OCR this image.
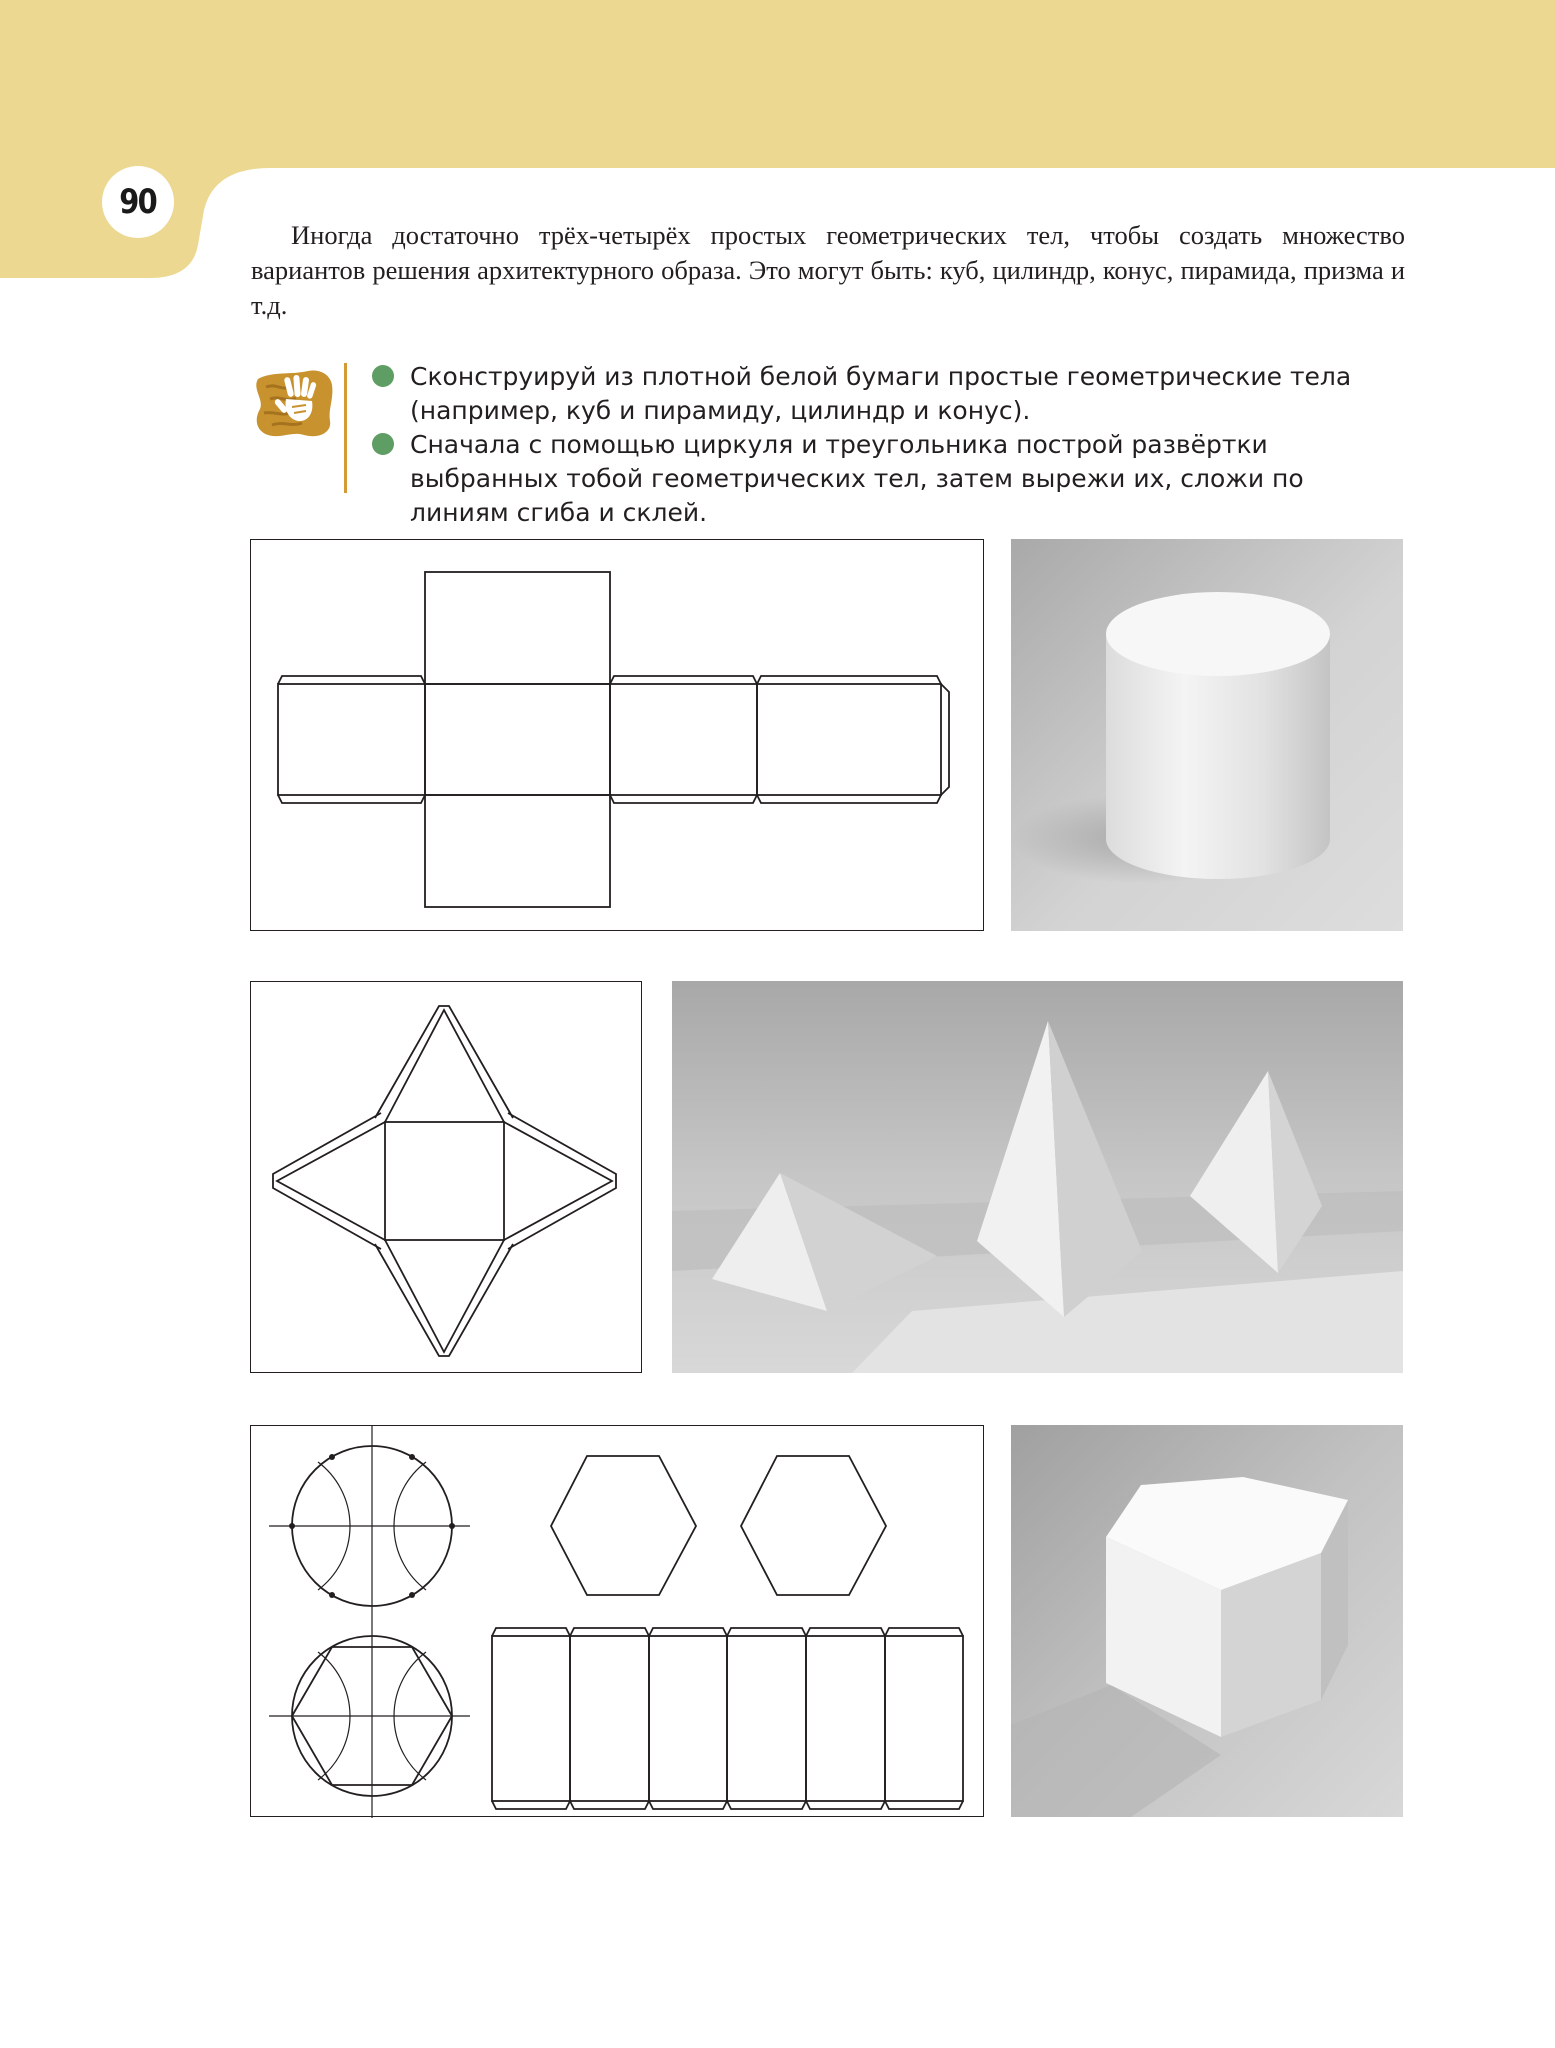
90

Иногда достаточно трёх-четырёх простых геометрических тел, чтобы создать множество вариантов решения архитектурного образа. Это могут быть: куб, цилиндр, конус, пирамида, призма и т.д.

Сконструируй из плотной белой бумаги простые геометрические тела (например, куб и пирамиду, цилиндр и конус).
Сначала с помощью циркуля и треугольника построй развёртки выбранных тобой геометрических тел, затем вырежи их, сложи по линиям сгиба и склей.
